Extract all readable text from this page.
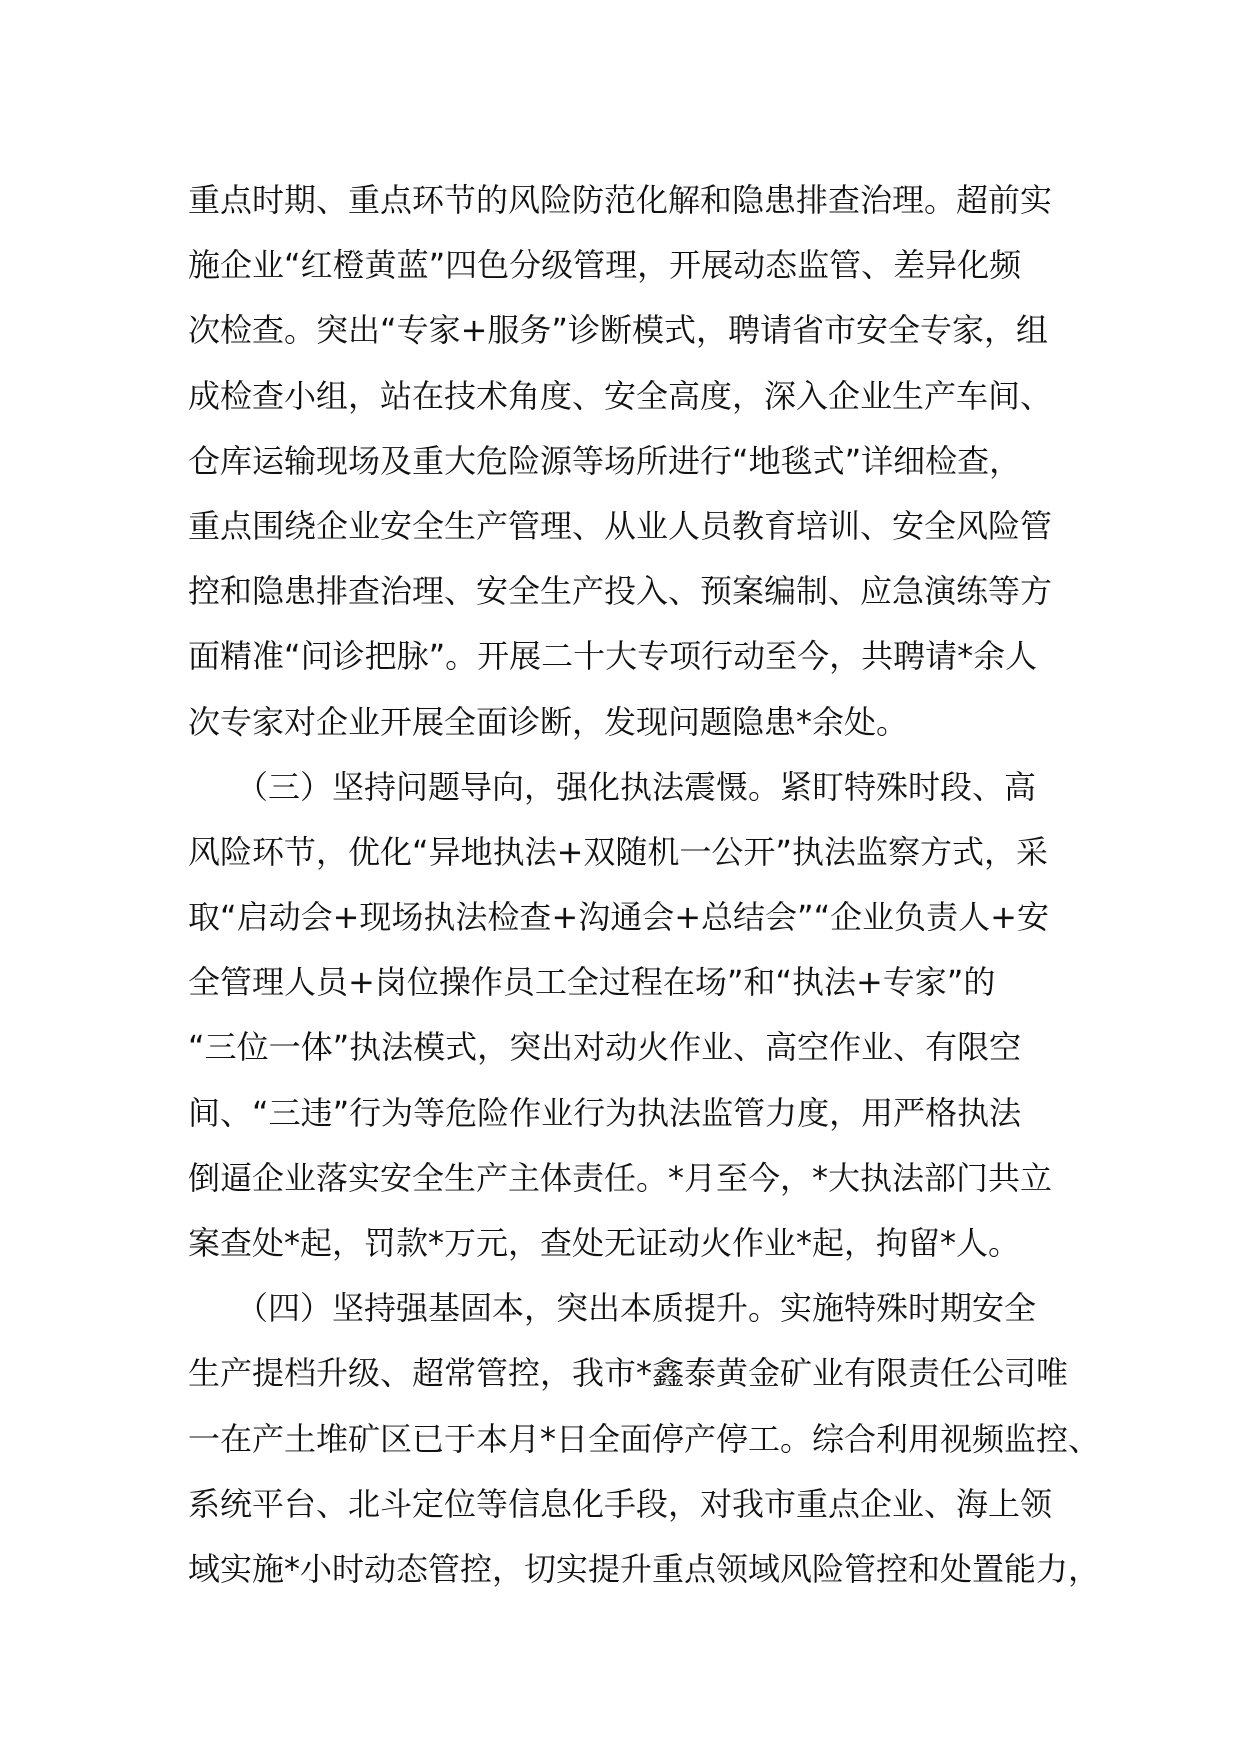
重点时期、重点环节的风险防范化解和隐患排查治理。超前实
施企业“红橙黄蓝”四色分级管理，开展动态监管、差异化频
次检查。突出“专家+服务”诊断模式，聘请省市安全专家，组
成检查小组，站在技术角度、安全高度，深入企业生产车间、
仓库运输现场及重大危险源等场所进行“地毯式”详细检查，
重点围绕企业安全生产管理、从业人员教育培训、安全风险管
控和隐患排查治理、安全生产投入、预案编制、应急演练等方
面精准“问诊把脉”。开展二十大专项行动至今，共聘请*余人
次专家对企业开展全面诊断，发现问题隐患*余处。
　　（三）坚持问题导向，强化执法震慑。紧盯特殊时段、高
风险环节，优化“异地执法+双随机一公开”执法监察方式，采
取“启动会+现场执法检查+沟通会+总结会”“企业负责人+安
全管理人员+岗位操作员工全过程在场”和“执法+专家”的
“三位一体”执法模式，突出对动火作业、高空作业、有限空
间、“三违”行为等危险作业行为执法监管力度，用严格执法
倒逼企业落实安全生产主体责任。*月至今，*大执法部门共立
案查处*起，罚款*万元，查处无证动火作业*起，拘留*人。
　　（四）坚持强基固本，突出本质提升。实施特殊时期安全
生产提档升级、超常管控，我市*鑫泰黄金矿业有限责任公司唯
一在产土堆矿区已于本月*日全面停产停工。综合利用视频监控、
系统平台、北斗定位等信息化手段，对我市重点企业、海上领
域实施*小时动态管控，切实提升重点领域风险管控和处置能力，
